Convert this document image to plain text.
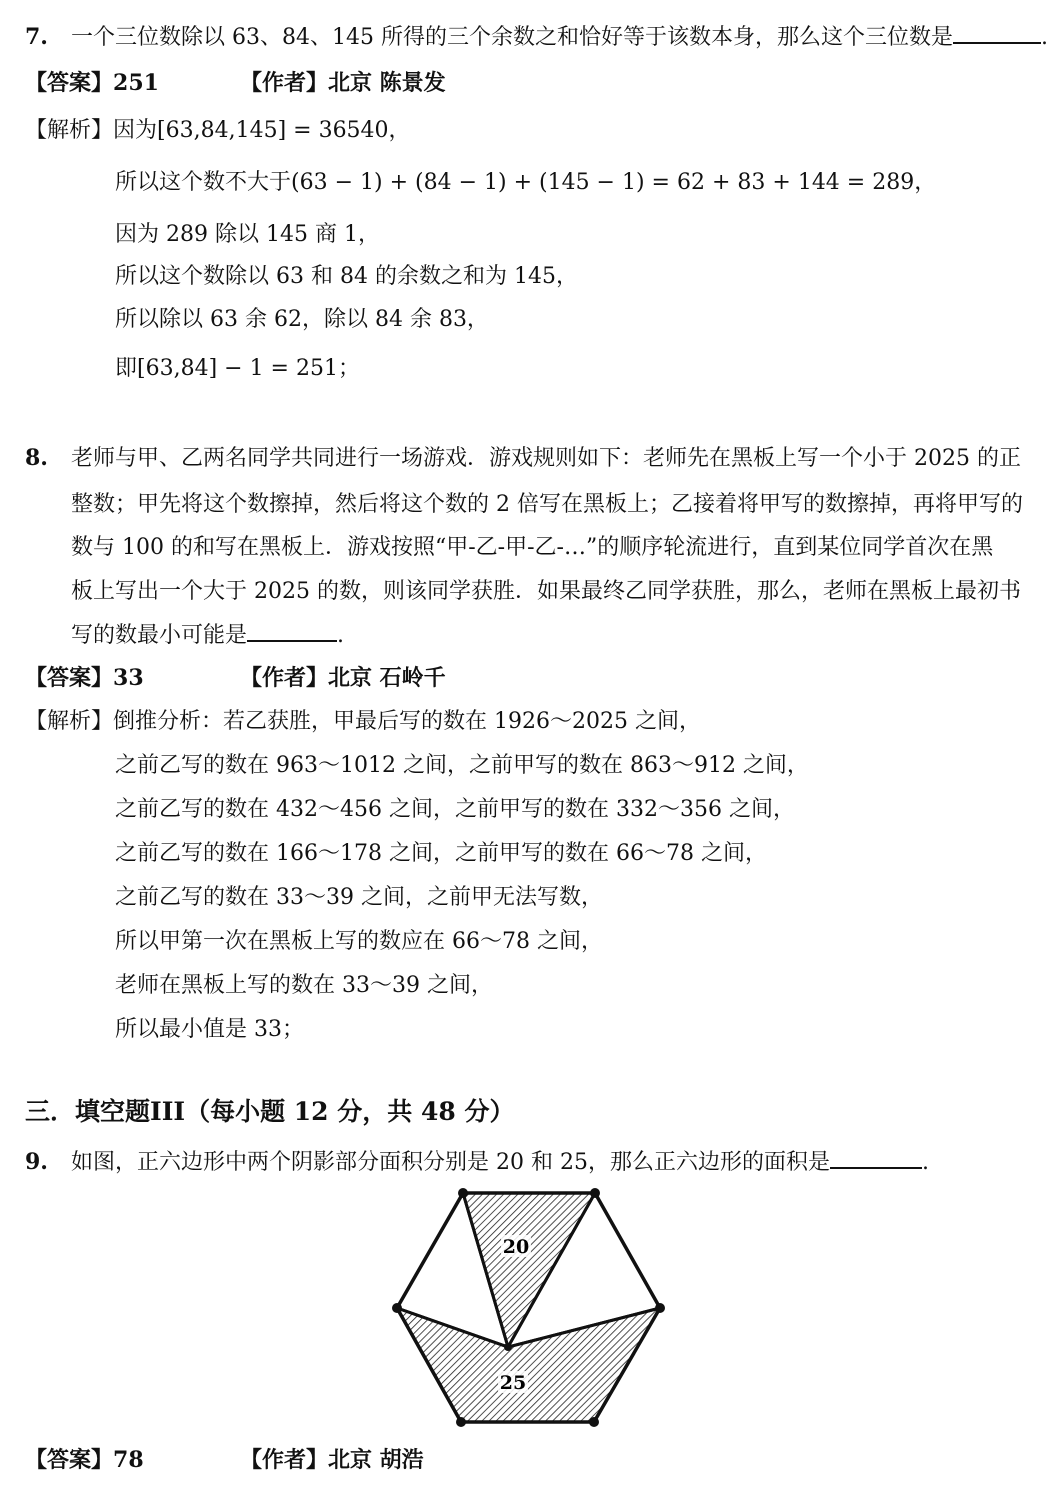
7. 一个三位数除以 63、84、145 所得的三个余数之和恰好等于该数本身，那么这个三位数是	.
【答案】251	【作者】北京 陈景发
【解析】因为[63,84,145] = 36540，
所以这个数不大于(63 − 1) + (84 − 1) + (145 − 1) = 62 + 83 + 144 = 289，
因为 289 除以 145 商 1，
所以这个数除以 63 和 84 的余数之和为 145，
所以除以 63 余 62，除以 84 余 83，
即[63,84] − 1 = 251；
8. 老师与甲、乙两名同学共同进行一场游戏．游戏规则如下：老师先在黑板上写一个小于 2025 的正
整数；甲先将这个数擦掉，然后将这个数的 2 倍写在黑板上；乙接着将甲写的数擦掉，再将甲写的
数与 100 的和写在黑板上．游戏按照“甲-乙-甲-乙-…”的顺序轮流进行，直到某位同学首次在黑
板上写出一个大于 2025 的数，则该同学获胜．如果最终乙同学获胜，那么，老师在黑板上最初书
写的数最小可能是	.
【答案】33	【作者】北京 石岭千
【解析】倒推分析：若乙获胜，甲最后写的数在 1926～2025 之间，
之前乙写的数在 963～1012 之间，之前甲写的数在 863～912 之间，
之前乙写的数在 432～456 之间，之前甲写的数在 332～356 之间，
之前乙写的数在 166～178 之间，之前甲写的数在 66～78 之间，
之前乙写的数在 33～39 之间，之前甲无法写数，
所以甲第一次在黑板上写的数应在 66～78 之间，
老师在黑板上写的数在 33～39 之间，
所以最小值是 33；
三．填空题III（每小题 12 分，共 48 分）
9. 如图，正六边形中两个阴影部分面积分别是 20 和 25，那么正六边形的面积是	.
20
25
【答案】78	【作者】北京 胡浩
